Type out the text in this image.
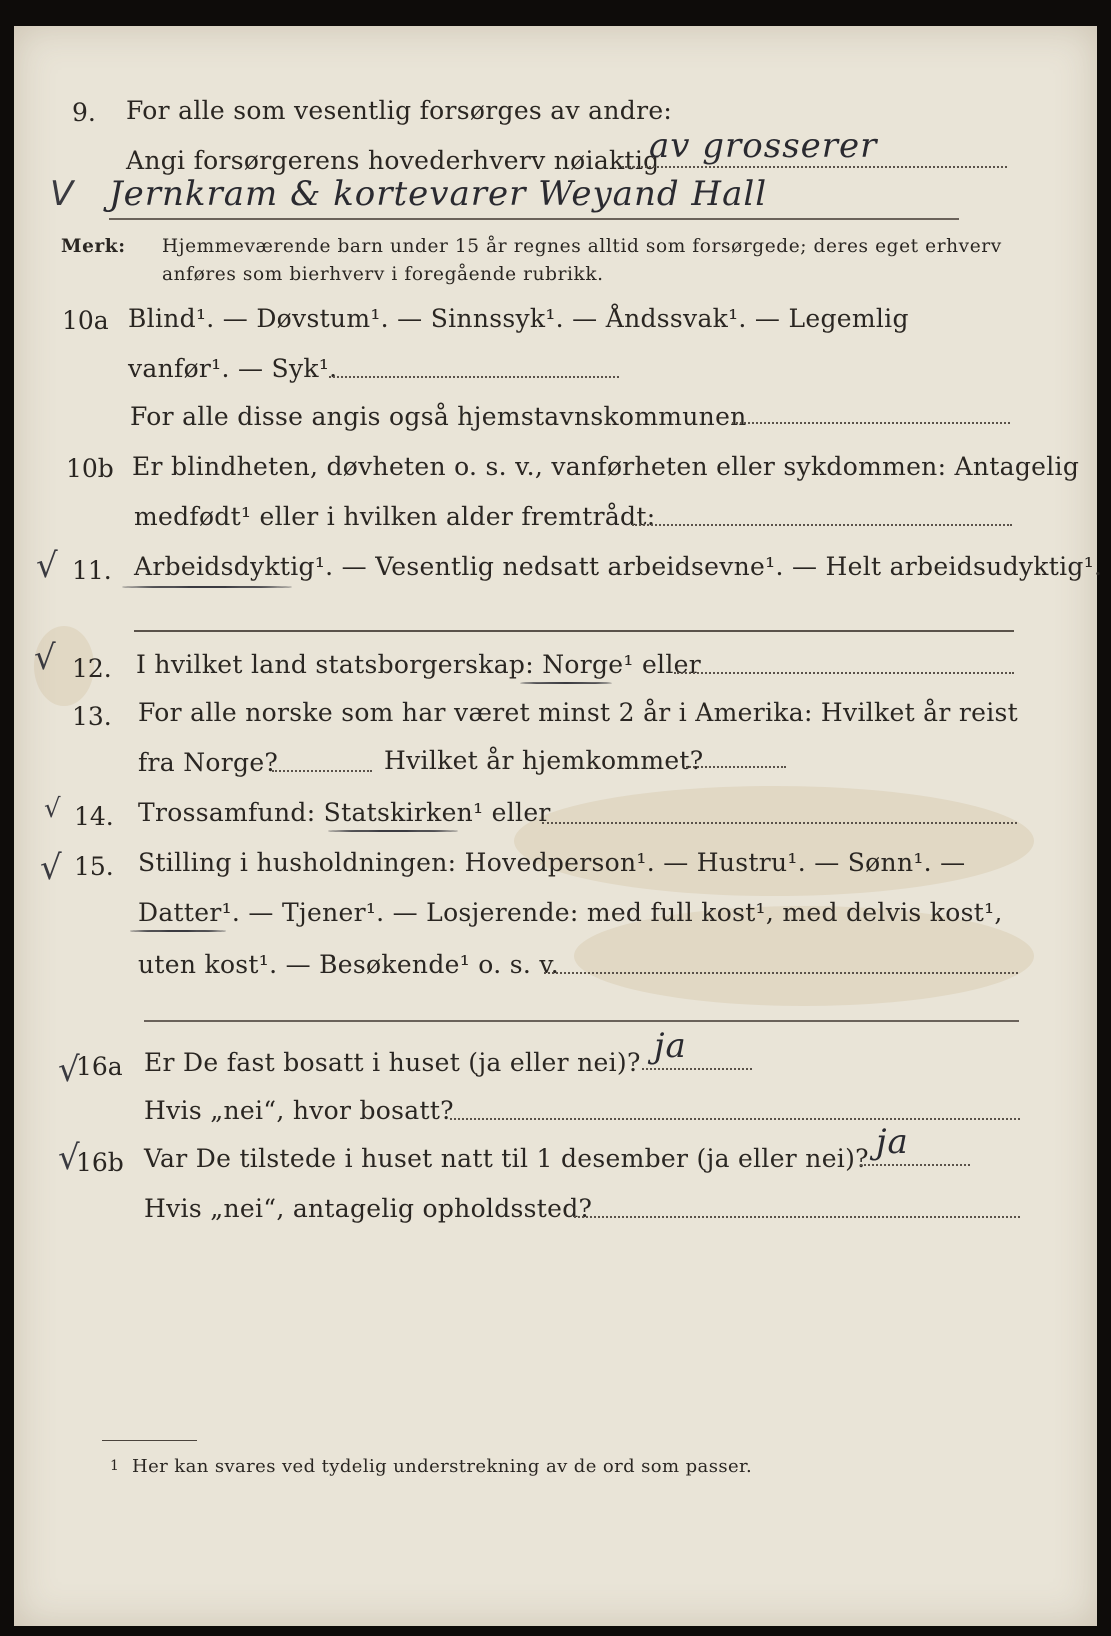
9. For alle som vesentlig forsørges av andre:
Angi forsørgerens hovederhverv nøiaktig
av grosserer
V Jernkram & kortevarer Weyand Hall
Merk: Hjemmeværende barn under 15 år regnes alltid som forsørgede; deres eget erhverv
anføres som bierhverv i foregående rubrikk.
10a Blind¹. — Døvstum¹. — Sinnssyk¹. — Åndssvak¹. — Legemlig
vanfør¹. — Syk¹.
For alle disse angis også hjemstavnskommunen
10b Er blindheten, døvheten o. s. v., vanførheten eller sykdommen: Antagelig
medfødt¹ eller i hvilken alder fremtrådt:
√ 11. Arbeidsdyktig¹. — Vesentlig nedsatt arbeidsevne¹. — Helt arbeidsudyktig¹.
√ 12. I hvilket land statsborgerskap: Norge¹ eller
13. For alle norske som har været minst 2 år i Amerika: Hvilket år reist
fra Norge?	Hvilket år hjemkommet?
√ 14. Trossamfund: Statskirken¹ eller
√ 15. Stilling i husholdningen: Hovedperson¹. — Hustru¹. — Sønn¹. —
Datter¹. — Tjener¹. — Losjerende: med full kost¹, med delvis kost¹,
uten kost¹. — Besøkende¹ o. s. v.
√
16a Er De fast bosatt i huset (ja eller nei)? ja
Hvis „nei“, hvor bosatt?
√
16b Var De tilstede i huset natt til 1 desember (ja eller nei)? ja
Hvis „nei“, antagelig opholdssted?
1 Her kan svares ved tydelig understrekning av de ord som passer.
